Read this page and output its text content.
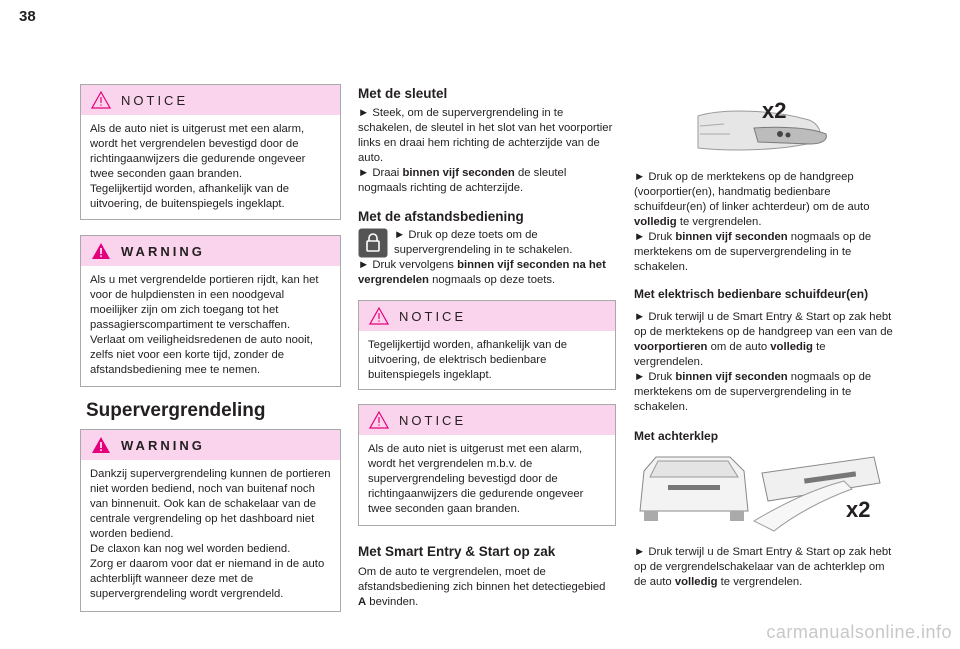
38
NOTICE

Als de auto niet is uitgerust met een alarm, wordt het vergrendelen bevestigd door de richtingaanwijzers die gedurende ongeveer twee seconden gaan branden.

Tegelijkertijd worden, afhankelijk van de uitvoering, de buitenspiegels ingeklapt.

WARNING

Als u met vergrendelde portieren rijdt, kan het voor de hulpdiensten in een noodgeval moeilijker zijn om zich toegang tot het passagierscompartiment te verschaffen.

Verlaat om veiligheidsredenen de auto nooit, zelfs niet voor een korte tijd, zonder de afstandsbediening mee te nemen.

Supervergrendeling
WARNING

Dankzij supervergrendeling kunnen de portieren niet worden bediend, noch van buitenaf noch van binnenuit. Ook kan de schakelaar van de centrale vergrendeling op het dashboard niet worden bediend.

De claxon kan nog wel worden bediend.

Zorg er daarom voor dat er niemand in de auto achterblijft wanneer deze met de supervergrendeling wordt vergrendeld.

Met de sleutel

► Steek, om de supervergrendeling in te schakelen, de sleutel in het slot van het voorportier links en draai hem richting de achterzijde van de auto.

► Draai binnen vijf seconden de sleutel nogmaals richting de achterzijde.

Met de afstandsbediening

► Druk op deze toets om de supervergrendeling in te schakelen.

► Druk vervolgens binnen vijf seconden na het vergrendelen nogmaals op deze toets.

NOTICE

Tegelijkertijd worden, afhankelijk van de uitvoering, de elektrisch bedienbare buitenspiegels ingeklapt.

NOTICE

Als de auto niet is uitgerust met een alarm, wordt het vergrendelen m.b.v. de supervergrendeling bevestigd door de richtingaanwijzers die gedurende ongeveer twee seconden gaan branden.

Met Smart Entry & Start op zak

Om de auto te vergrendelen, moet de afstandsbediening zich binnen het detectiegebied A bevinden.

x2

► Druk op de merktekens op de handgreep (voorportier(en), handmatig bedienbare schuifdeur(en) of linker achterdeur) om de auto volledig te vergrendelen.

► Druk binnen vijf seconden nogmaals op de merktekens om de supervergrendeling in te schakelen.

Met elektrisch bedienbare schuifdeur(en)

► Druk terwijl u de Smart Entry & Start op zak hebt op de merktekens op de handgreep van een van de voorportieren om de auto volledig te vergrendelen.

► Druk binnen vijf seconden nogmaals op de merktekens om de supervergrendeling in te schakelen.

Met achterklep
x2

► Druk terwijl u de Smart Entry & Start op zak hebt op de vergrendelschakelaar van de achterklep om de auto volledig te vergrendelen.

carmanualsonline.info
